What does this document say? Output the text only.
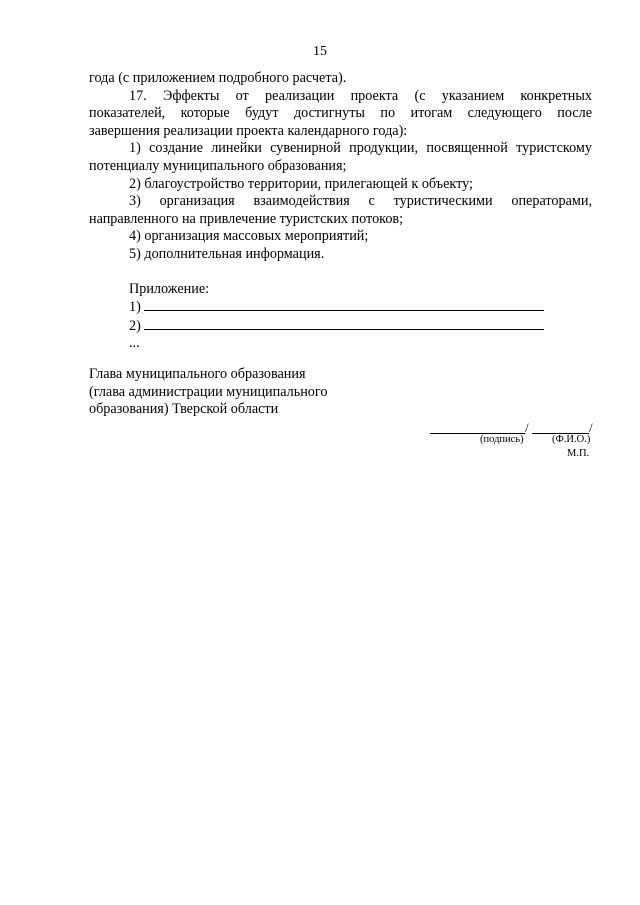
15
года (с приложением подробного расчета).
17. Эффекты от реализации проекта (с указанием конкретных
показателей, которые будут достигнуты по итогам следующего после
завершения реализации проекта календарного года):
1) создание линейки сувенирной продукции, посвященной туристскому
потенциалу муниципального образования;
2) благоустройство территории, прилегающей к объекту;
3) организация взаимодействия с туристическими операторами,
направленного на привлечение туристских потоков;
4) организация массовых мероприятий;
5) дополнительная информация.
Приложение:
1)
2)
...
Глава муниципального образования
(глава администрации муниципального
образования) Тверской области
/	/
(подпись)	(Ф.И.О.)
М.П.
